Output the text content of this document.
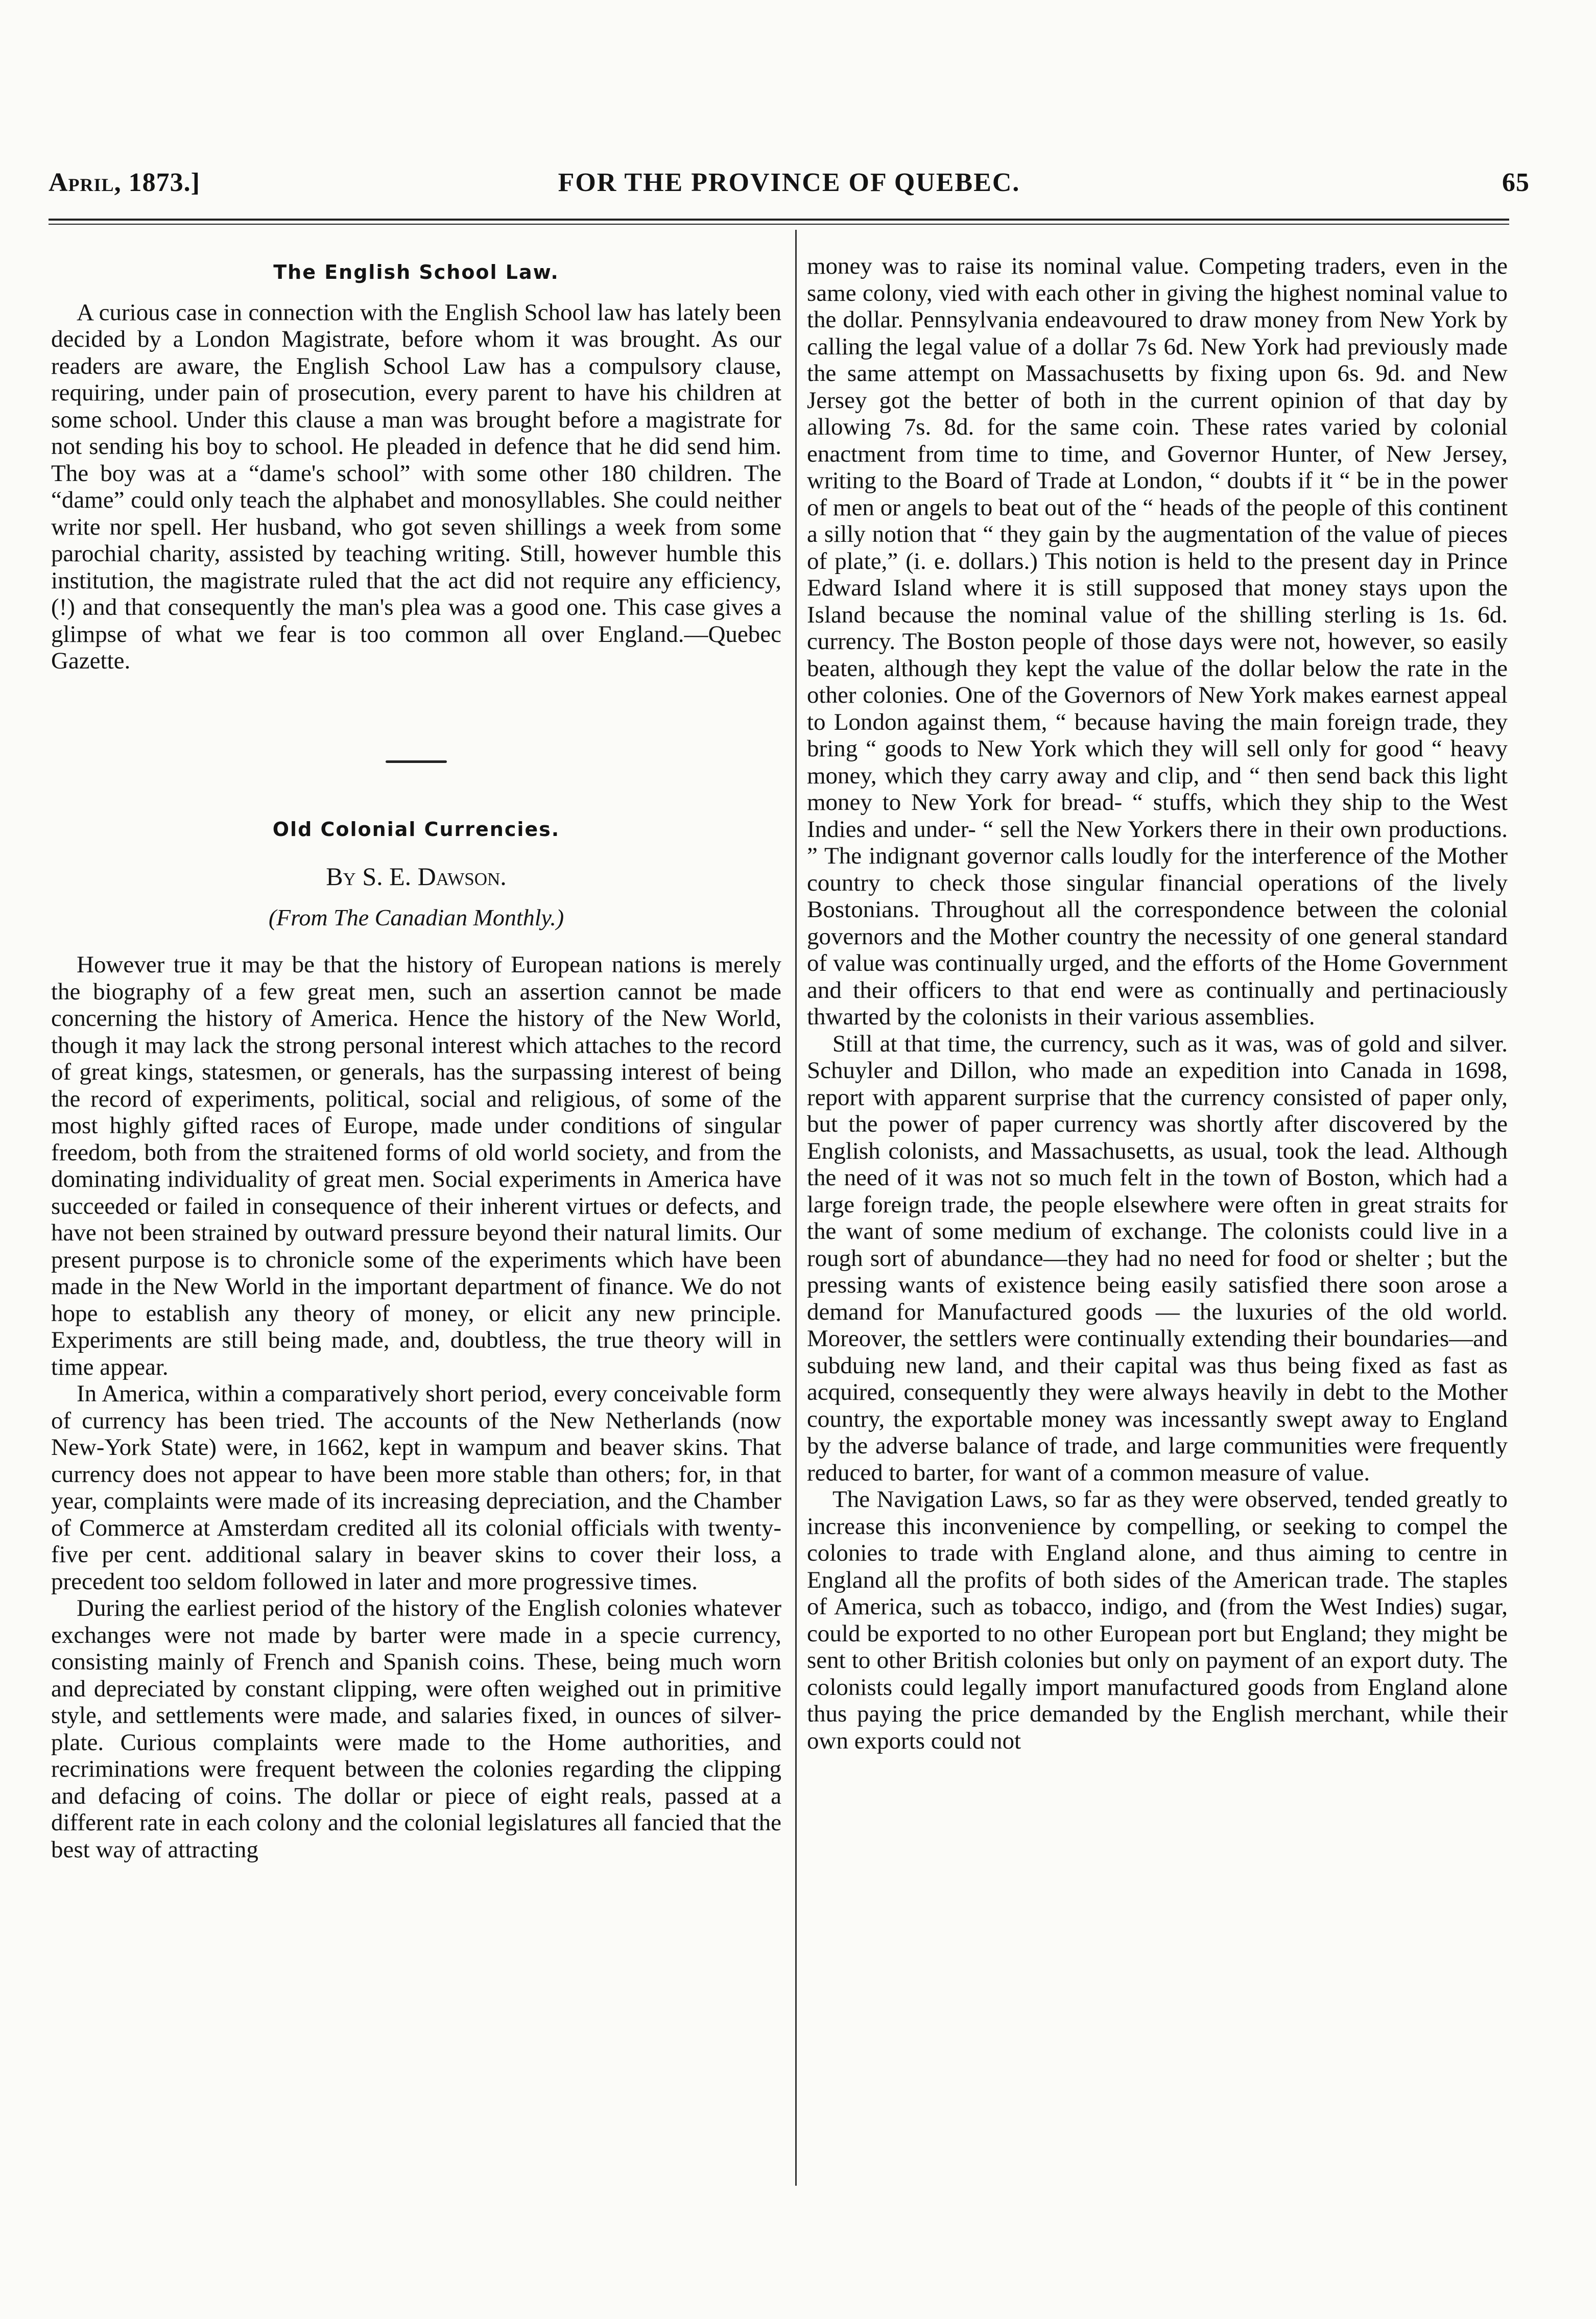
April, 1873.]	FOR THE PROVINCE OF QUEBEC.	65
The English School Law.

A curious case in connection with the English School law has lately been decided by a London Magistrate, before whom it was brought. As our readers are aware, the English School Law has a compulsory clause, requiring, under pain of prosecution, every parent to have his children at some school. Under this clause a man was brought before a magistrate for not sending his boy to school. He pleaded in defence that he did send him. The boy was at a “dame's school” with some other 180 children. The “dame” could only teach the alphabet and monosyllables. She could neither write nor spell. Her husband, who got seven shillings a week from some parochial charity, assisted by teaching writing. Still, however humble this institution, the magistrate ruled that the act did not require any efficiency, (!) and that consequently the man's plea was a good one. This case gives a glimpse of what we fear is too common all over England.—Quebec Gazette.

Old Colonial Currencies.
By S. E. Dawson.
(From The Canadian Monthly.)

However true it may be that the history of European nations is merely the biography of a few great men, such an assertion cannot be made concerning the history of America. Hence the history of the New World, though it may lack the strong personal interest which attaches to the record of great kings, statesmen, or generals, has the surpassing interest of being the record of experiments, political, social and religious, of some of the most highly gifted races of Europe, made under conditions of singular freedom, both from the straitened forms of old world society, and from the dominating individuality of great men. Social experiments in America have succeeded or failed in consequence of their inherent virtues or defects, and have not been strained by outward pressure beyond their natural limits. Our present purpose is to chronicle some of the experiments which have been made in the New World in the important department of finance. We do not hope to establish any theory of money, or elicit any new principle. Experiments are still being made, and, doubtless, the true theory will in time appear.

In America, within a comparatively short period, every conceivable form of currency has been tried. The accounts of the New Netherlands (now New-York State) were, in 1662, kept in wampum and beaver skins. That currency does not appear to have been more stable than others; for, in that year, complaints were made of its increasing depreciation, and the Chamber of Commerce at Amsterdam credited all its colonial officials with twenty-five per cent. additional salary in beaver skins to cover their loss, a precedent too seldom followed in later and more progressive times.

During the earliest period of the history of the English colonies whatever exchanges were not made by barter were made in a specie currency, consisting mainly of French and Spanish coins. These, being much worn and depreciated by constant clipping, were often weighed out in primitive style, and settlements were made, and salaries fixed, in ounces of silver-plate. Curious complaints were made to the Home authorities, and recriminations were frequent between the colonies regarding the clipping and defacing of coins. The dollar or piece of eight reals, passed at a different rate in each colony and the colonial legislatures all fancied that the best way of attracting

money was to raise its nominal value. Competing traders, even in the same colony, vied with each other in giving the highest nominal value to the dollar. Pennsylvania endeavoured to draw money from New York by calling the legal value of a dollar 7s 6d. New York had previously made the same attempt on Massachusetts by fixing upon 6s. 9d. and New Jersey got the better of both in the current opinion of that day by allowing 7s. 8d. for the same coin. These rates varied by colonial enactment from time to time, and Governor Hunter, of New Jersey, writing to the Board of Trade at London, “ doubts if it “ be in the power of men or angels to beat out of the “ heads of the people of this continent a silly notion that “ they gain by the augmentation of the value of pieces of plate,” (i. e. dollars.) This notion is held to the present day in Prince Edward Island where it is still supposed that money stays upon the Island because the nominal value of the shilling sterling is 1s. 6d. currency. The Boston people of those days were not, however, so easily beaten, although they kept the value of the dollar below the rate in the other colonies. One of the Governors of New York makes earnest appeal to London against them, “ because having the main foreign trade, they bring “ goods to New York which they will sell only for good “ heavy money, which they carry away and clip, and “ then send back this light money to New York for bread- “ stuffs, which they ship to the West Indies and under- “ sell the New Yorkers there in their own productions. ” The indignant governor calls loudly for the interference of the Mother country to check those singular financial operations of the lively Bostonians. Throughout all the correspondence between the colonial governors and the Mother country the necessity of one general standard of value was continually urged, and the efforts of the Home Government and their officers to that end were as continually and pertinaciously thwarted by the colonists in their various assemblies.

Still at that time, the currency, such as it was, was of gold and silver. Schuyler and Dillon, who made an expedition into Canada in 1698, report with apparent surprise that the currency consisted of paper only, but the power of paper currency was shortly after discovered by the English colonists, and Massachusetts, as usual, took the lead. Although the need of it was not so much felt in the town of Boston, which had a large foreign trade, the people elsewhere were often in great straits for the want of some medium of exchange. The colonists could live in a rough sort of abundance—they had no need for food or shelter ; but the pressing wants of existence being easily satisfied there soon arose a demand for Manufactured goods — the luxuries of the old world. Moreover, the settlers were continually extending their boundaries—and subduing new land, and their capital was thus being fixed as fast as acquired, consequently they were always heavily in debt to the Mother country, the exportable money was incessantly swept away to England by the adverse balance of trade, and large communities were frequently reduced to barter, for want of a common measure of value.

The Navigation Laws, so far as they were observed, tended greatly to increase this inconvenience by compelling, or seeking to compel the colonies to trade with England alone, and thus aiming to centre in England all the profits of both sides of the American trade. The staples of America, such as tobacco, indigo, and (from the West Indies) sugar, could be exported to no other European port but England; they might be sent to other British colonies but only on payment of an export duty. The colonists could legally import manufactured goods from England alone thus paying the price demanded by the English merchant, while their own exports could not
